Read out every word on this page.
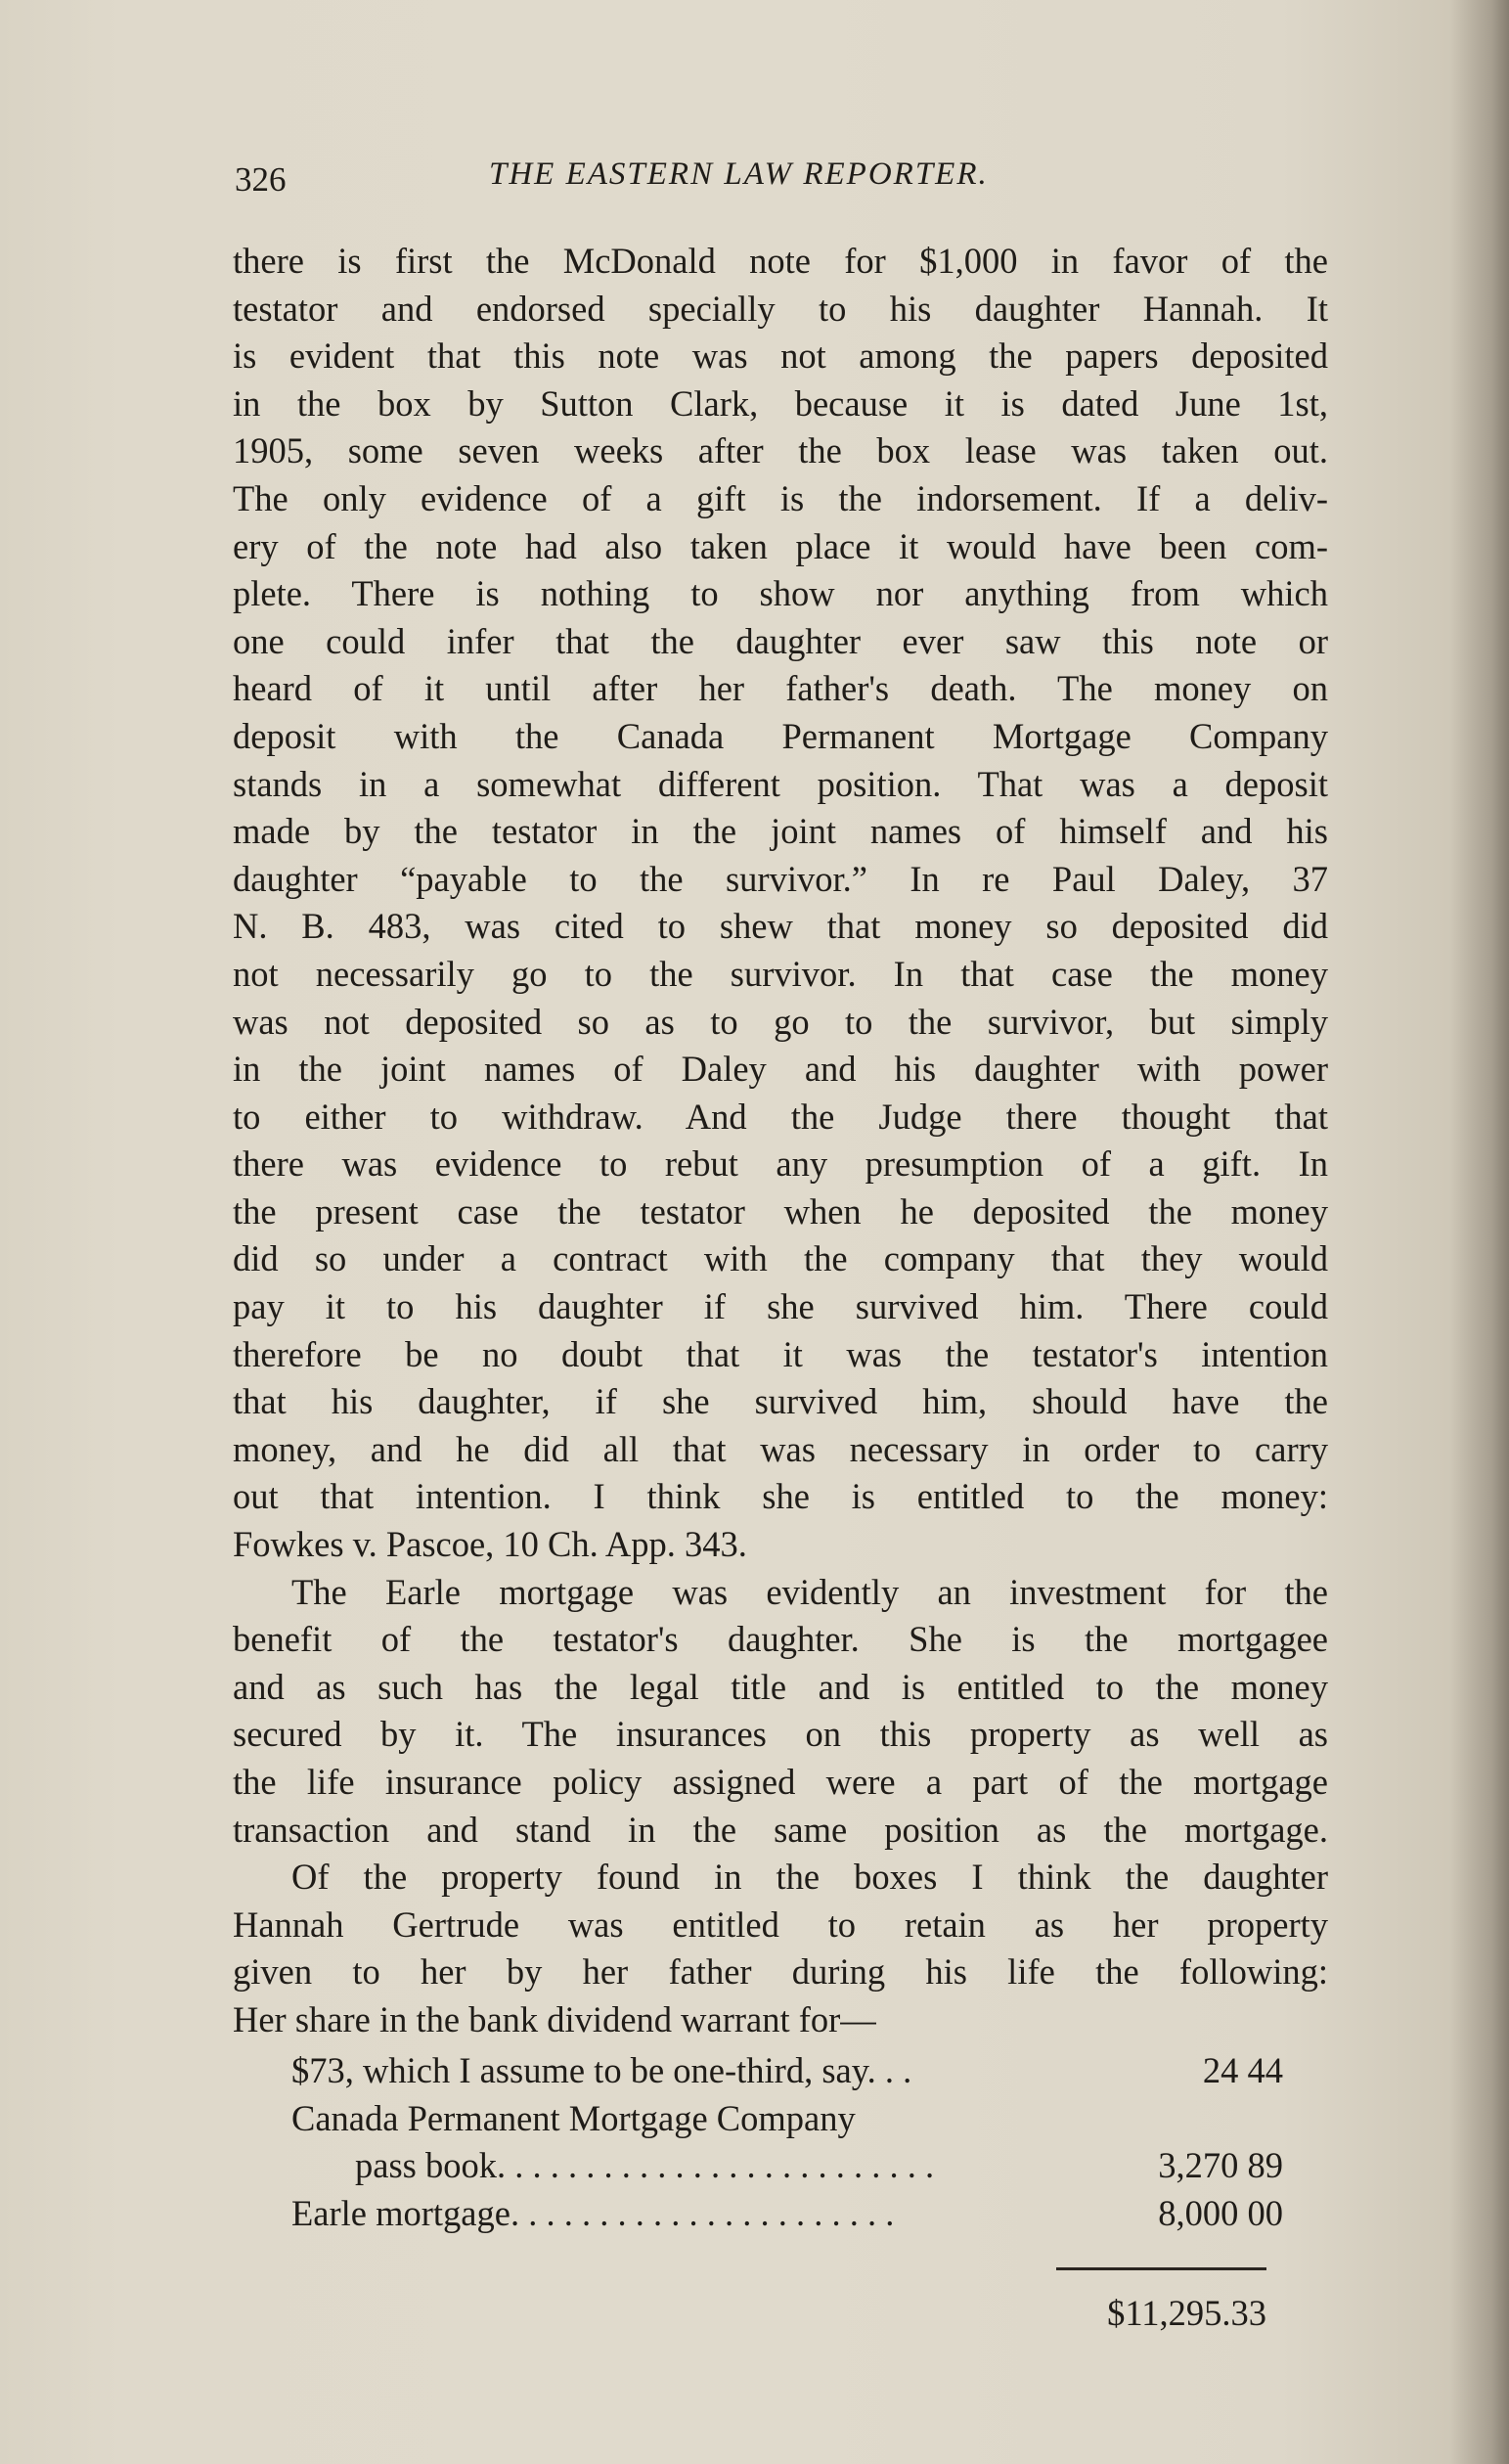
326	THE EASTERN LAW REPORTER.
there is first the McDonald note for $1,000 in favor of the
testator and endorsed specially to his daughter Hannah. It
is evident that this note was not among the papers deposited
in the box by Sutton Clark, because it is dated June 1st,
1905, some seven weeks after the box lease was taken out.
The only evidence of a gift is the indorsement. If a deliv-
ery of the note had also taken place it would have been com-
plete. There is nothing to show nor anything from which
one could infer that the daughter ever saw this note or
heard of it until after her father's death. The money on
deposit with the Canada Permanent Mortgage Company
stands in a somewhat different position. That was a deposit
made by the testator in the joint names of himself and his
daughter “payable to the survivor.” In re Paul Daley, 37
N. B. 483, was cited to shew that money so deposited did
not necessarily go to the survivor. In that case the money
was not deposited so as to go to the survivor, but simply
in the joint names of Daley and his daughter with power
to either to withdraw. And the Judge there thought that
there was evidence to rebut any presumption of a gift. In
the present case the testator when he deposited the money
did so under a contract with the company that they would
pay it to his daughter if she survived him. There could
therefore be no doubt that it was the testator's intention
that his daughter, if she survived him, should have the
money, and he did all that was necessary in order to carry
out that intention. I think she is entitled to the money:
Fowkes v. Pascoe, 10 Ch. App. 343.
The Earle mortgage was evidently an investment for the
benefit of the testator's daughter. She is the mortgagee
and as such has the legal title and is entitled to the money
secured by it. The insurances on this property as well as
the life insurance policy assigned were a part of the mortgage
transaction and stand in the same position as the mortgage.
Of the property found in the boxes I think the daughter
Hannah Gertrude was entitled to retain as her property
given to her by her father during his life the following:
Her share in the bank dividend warrant for—
$73, which I assume to be one-third, say. . .	24 44
Canada Permanent Mortgage Company
pass book. . . . . . . . . . . . . . . . . . . . . . . . .	3,270 89
Earle mortgage. . . . . . . . . . . . . . . . . . . . . .	8,000 00
$11,295.33
